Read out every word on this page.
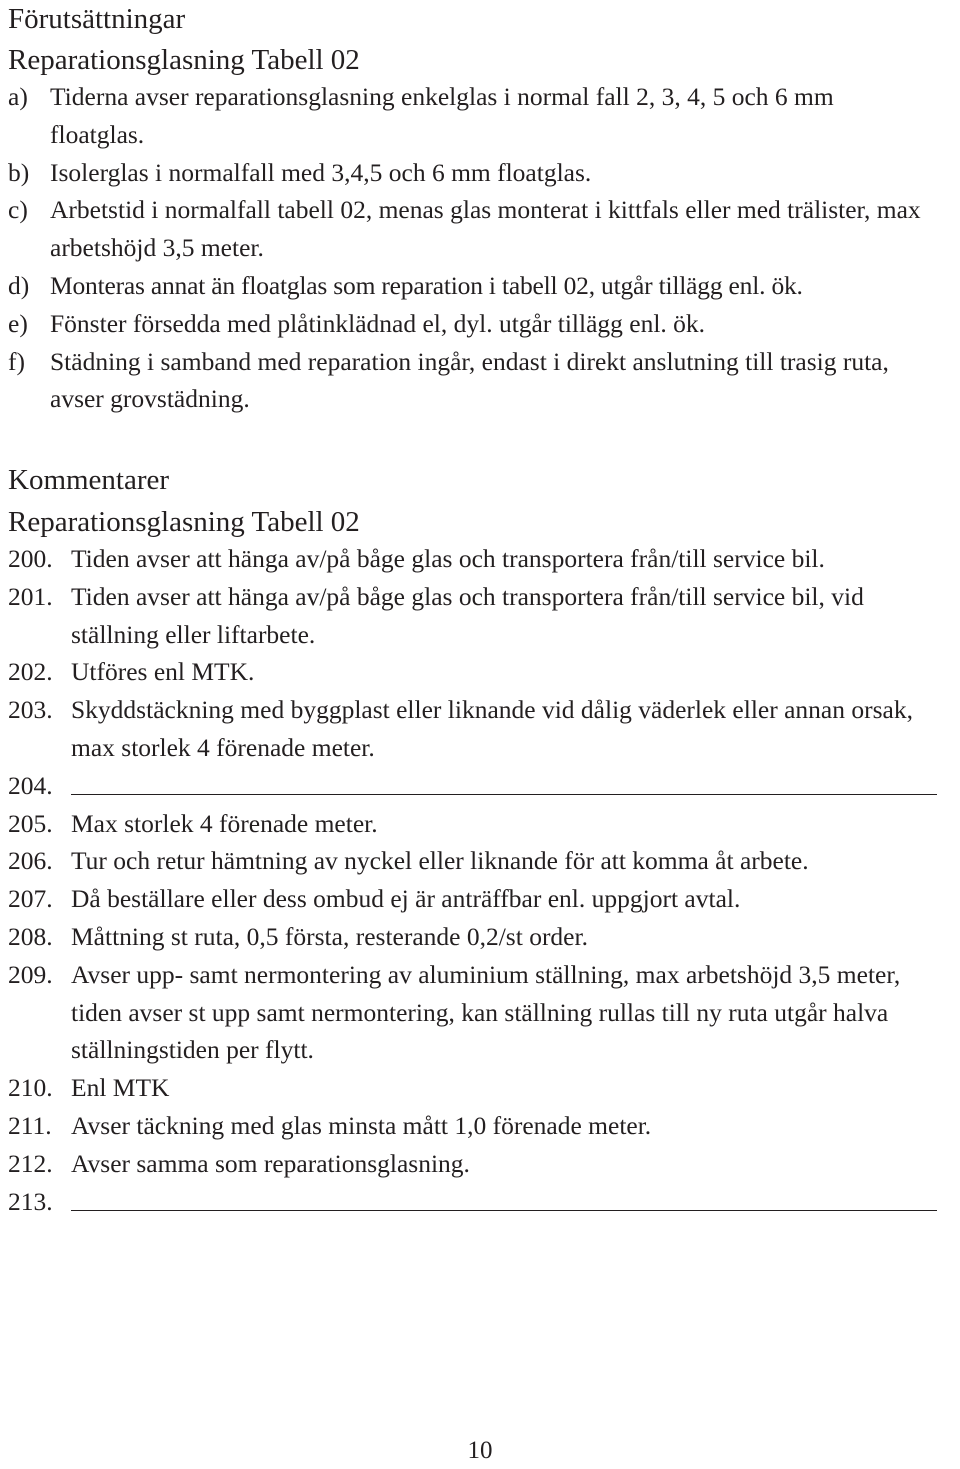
Förutsättningar
Reparationsglasning Tabell 02
a) Tiderna avser reparationsglasning enkelglas i normal fall 2, 3, 4, 5 och 6 mm floatglas.
b) Isolerglas i normalfall med 3,4,5 och 6 mm floatglas.
c) Arbetstid i normalfall tabell 02, menas glas monterat i kittfals eller med trälister, max arbetshöjd 3,5 meter.
d) Monteras annat än floatglas som reparation i tabell 02, utgår tillägg enl. ök.
e) Fönster försedda med plåtinklädnad el, dyl. utgår tillägg enl. ök.
f) Städning i samband med reparation ingår, endast i direkt anslutning till trasig ruta, avser grovstädning.
Kommentarer
Reparationsglasning Tabell 02
200. Tiden avser att hänga av/på båge glas och transportera från/till service bil.
201. Tiden avser att hänga av/på båge glas och transportera från/till service bil, vid ställning eller liftarbete.
202. Utföres enl MTK.
203. Skyddstäckning med byggplast eller liknande vid dålig väderlek eller annan orsak, max storlek 4 förenade meter.
204.
205. Max storlek 4 förenade meter.
206. Tur och retur hämtning av nyckel eller liknande för att komma åt arbete.
207. Då beställare eller dess ombud ej är anträffbar enl. uppgjort avtal.
208. Måttning st ruta, 0,5 första, resterande 0,2/st order.
209. Avser upp- samt nermontering av aluminium ställning, max arbetshöjd 3,5 meter, tiden avser st upp samt nermontering, kan ställning rullas till ny ruta utgår halva ställningstiden per flytt.
210. Enl MTK
211. Avser täckning med glas minsta mått 1,0 förenade meter.
212. Avser samma som reparationsglasning.
213.
10
